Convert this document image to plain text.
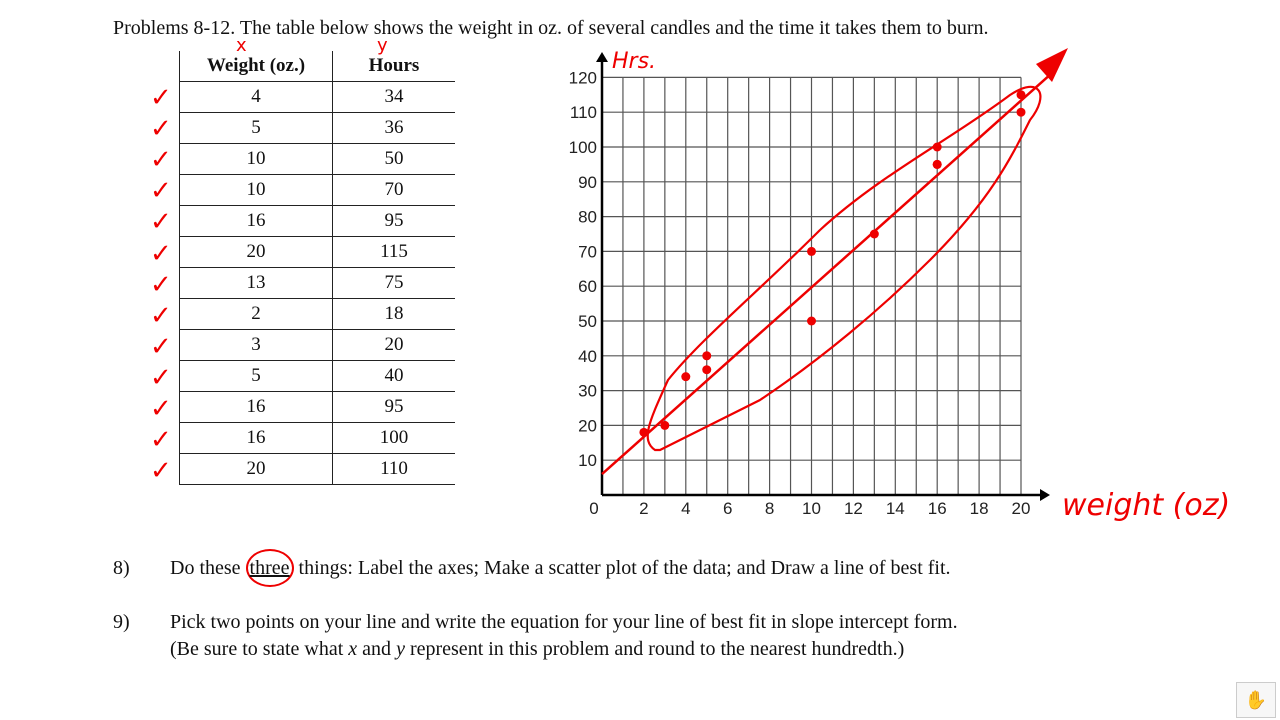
Problems 8-12. The table below shows the weight in oz. of several candles and the time it takes them to burn.
x	y
Weight (oz.)	Hours
4	34
5	36
10	50
10	70
16	95
20	115
13	75
2	18
3	20
5	40
16	95
16	100
20	110
✓
✓
✓
✓
✓
✓
✓
✓
✓
✓
✓
✓
✓
0 2 4 6 8 10 12 14 16 18 20
10
20
30
40
50
60
70
80
90
100
110
120
Hrs.
weight (oz)
8) Do these three things: Label the axes; Make a scatter plot of the data; and Draw a line of best fit.
9) Pick two points on your line and write the equation for your line of best fit in slope intercept form.
(Be sure to state what x and y represent in this problem and round to the nearest hundredth.)
✋
